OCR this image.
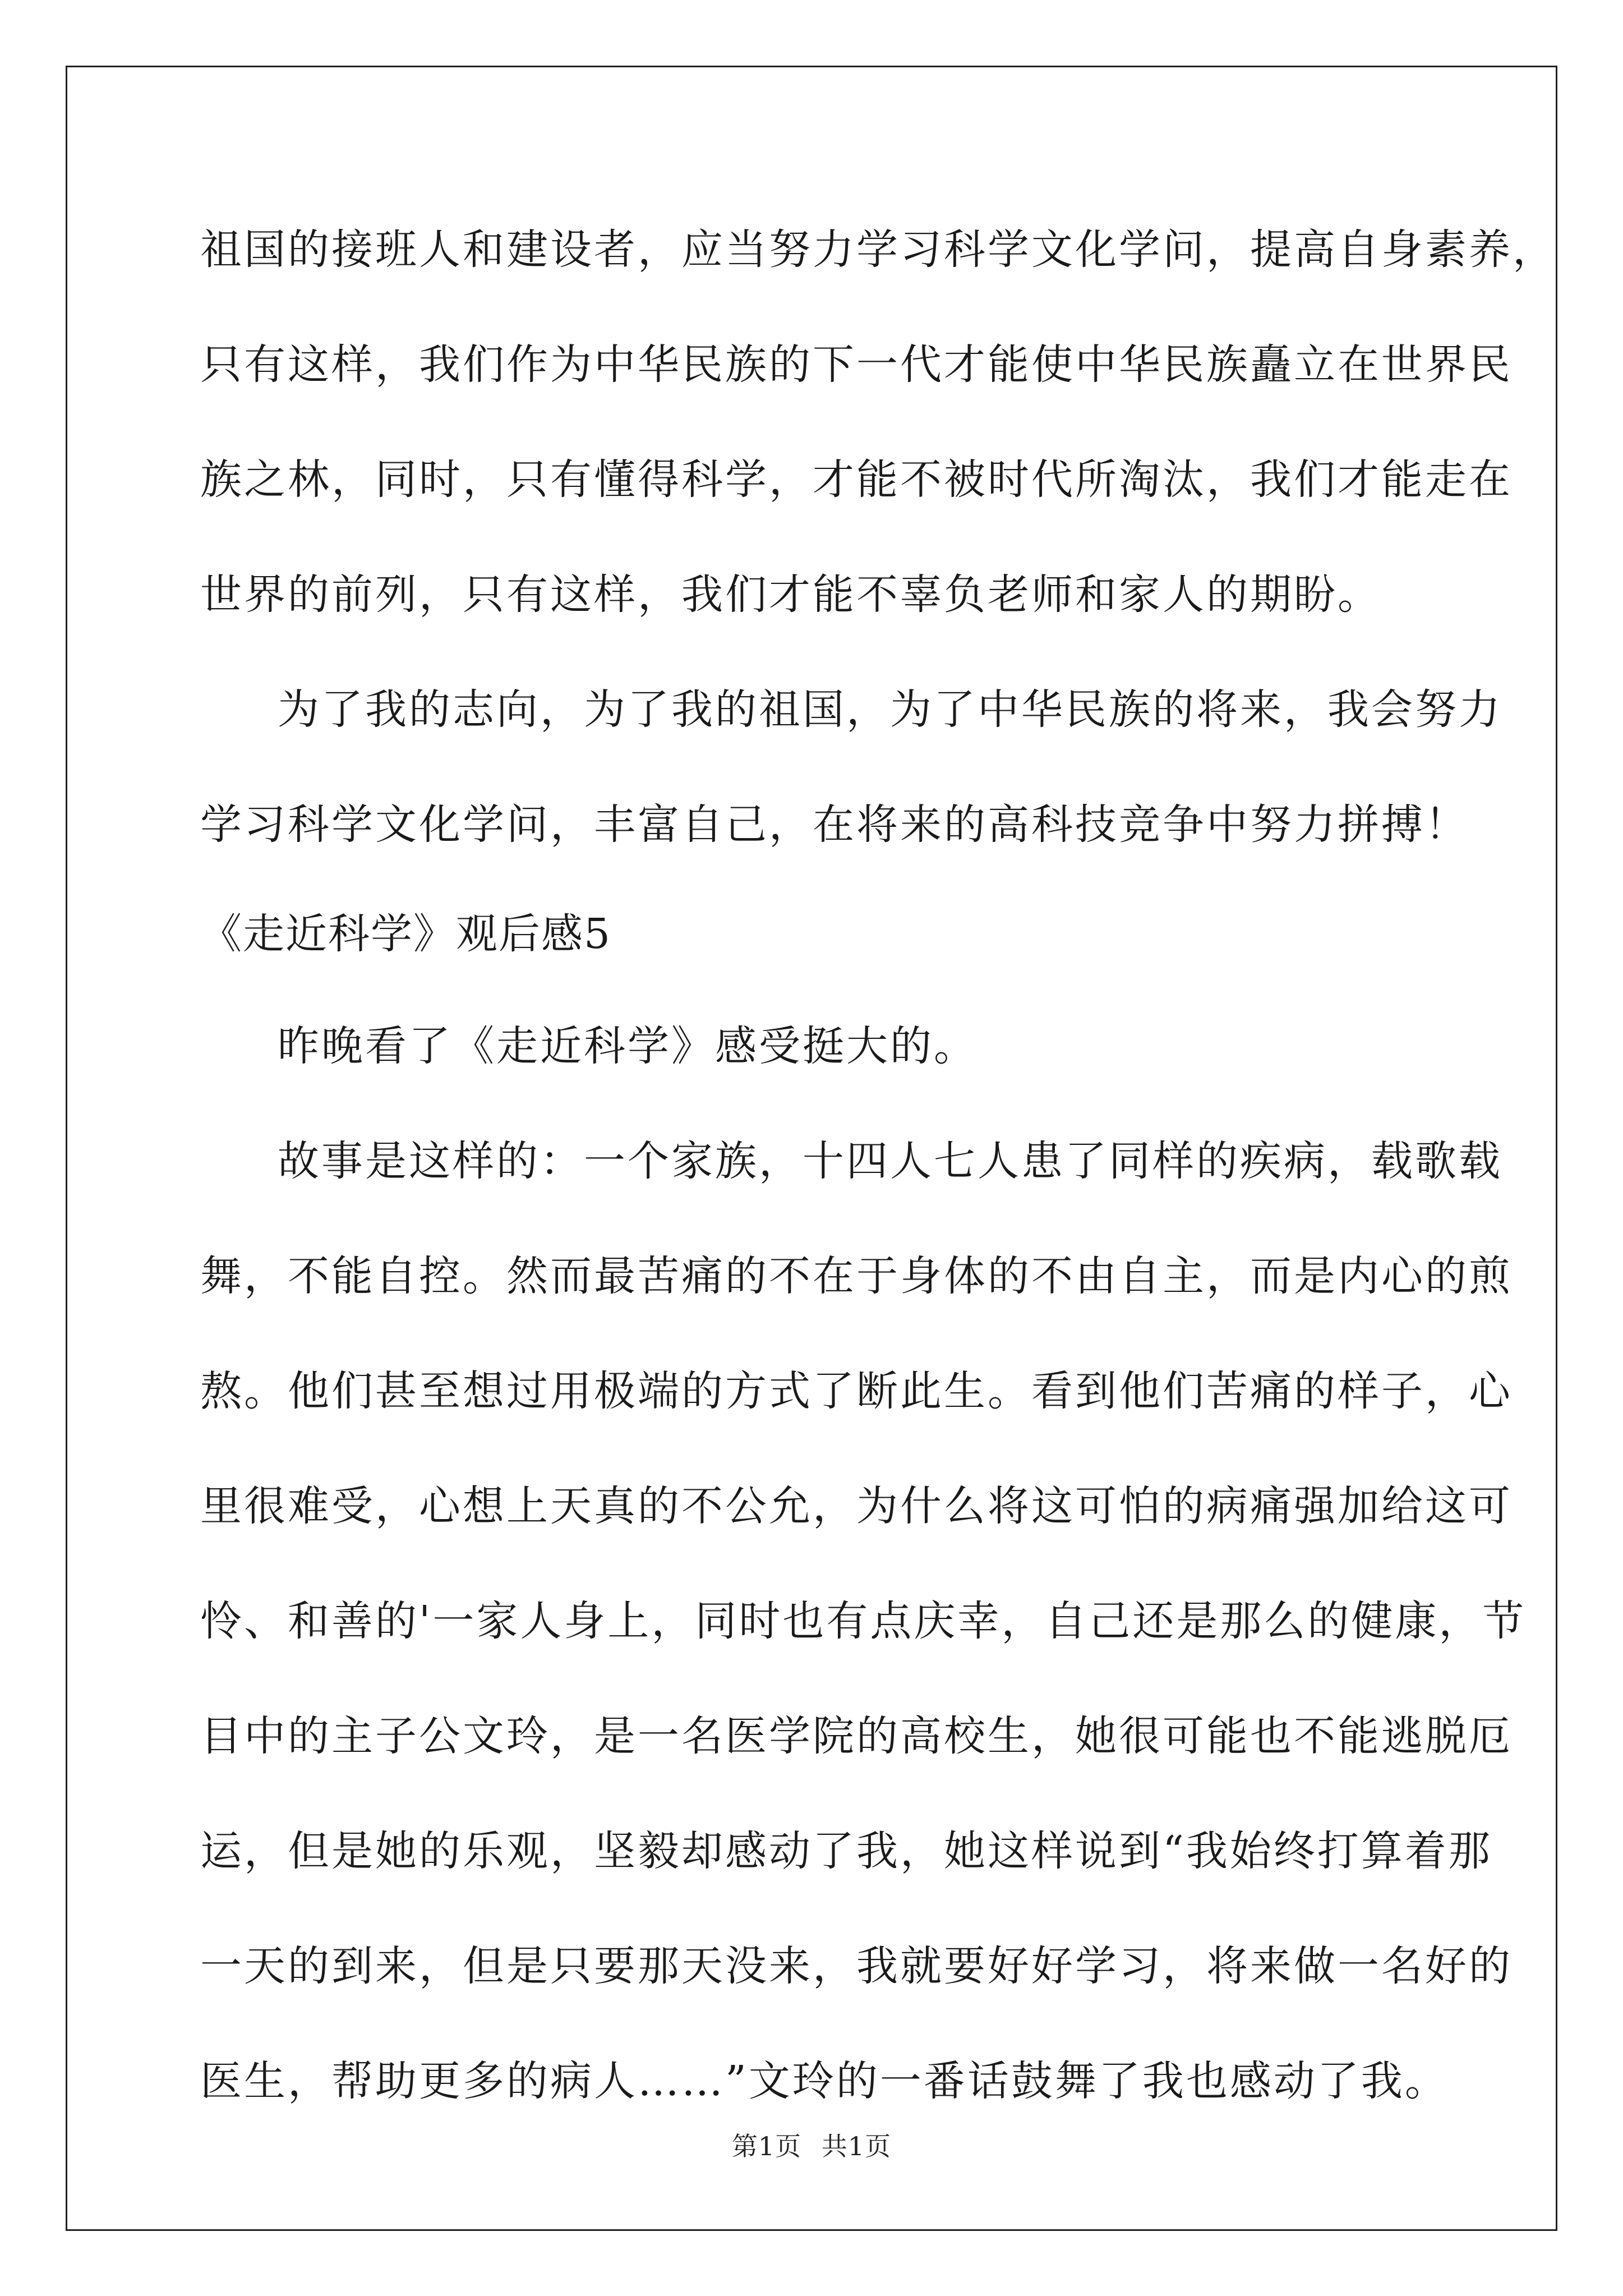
祖国的接班人和建设者，应当努力学习科学文化学问，提高自身素养，
只有这样，我们作为中华民族的下一代才能使中华民族矗立在世界民
族之林，同时，只有懂得科学，才能不被时代所淘汰，我们才能走在
世界的前列，只有这样，我们才能不辜负老师和家人的期盼。
为了我的志向，为了我的祖国，为了中华民族的将来，我会努力
学习科学文化学问，丰富自己，在将来的高科技竞争中努力拼搏！
《走近科学》观后感5
昨晚看了《走近科学》感受挺大的。
故事是这样的：一个家族，十四人七人患了同样的疾病，载歌载
舞，不能自控。然而最苦痛的不在于身体的不由自主，而是内心的煎
熬。他们甚至想过用极端的方式了断此生。看到他们苦痛的样子，心
里很难受，心想上天真的不公允，为什么将这可怕的病痛强加给这可
怜、和善的'一家人身上，同时也有点庆幸，自己还是那么的健康，节
目中的主子公文玲，是一名医学院的高校生，她很可能也不能逃脱厄
运，但是她的乐观，坚毅却感动了我，她这样说到“我始终打算着那
一天的到来，但是只要那天没来，我就要好好学习，将来做一名好的
医生，帮助更多的病人……”文玲的一番话鼓舞了我也感动了我。
第1页 共1页
